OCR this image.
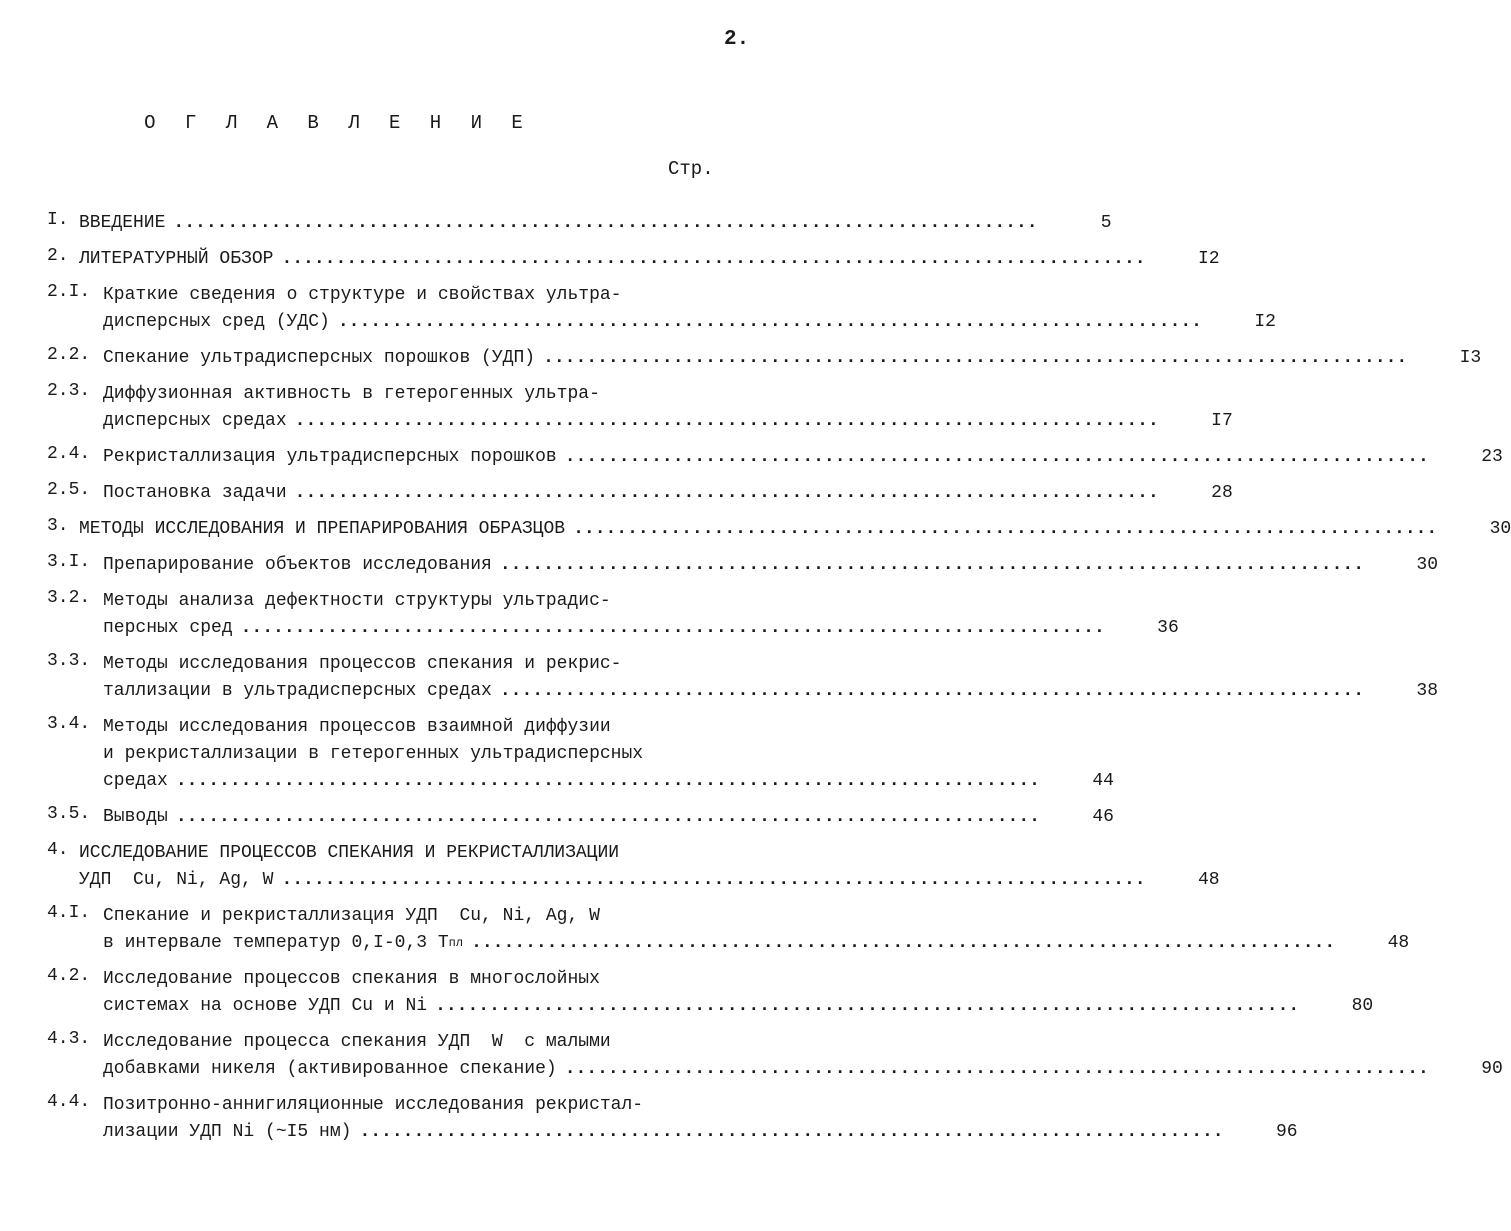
2.
О Г Л А В Л Е Н И Е
Стр.
I. ВВЕДЕНИЕ ................................................................................	5
2. ЛИТЕРАТУРНЫЙ ОБЗОР ................................................................................	I2
2.I. Краткие сведения о структуре и свойствах ультра-
дисперсных сред (УДС) ................................................................................	I2
2.2. Спекание ультрадисперсных порошков (УДП) ................................................................................	I3
2.3. Диффузионная активность в гетерогенных ультра-
дисперсных средах ................................................................................	I7
2.4. Рекристаллизация ультрадисперсных порошков ................................................................................	23
2.5. Постановка задачи ................................................................................	28
3. МЕТОДЫ ИССЛЕДОВАНИЯ И ПРЕПАРИРОВАНИЯ ОБРАЗЦОВ ................................................................................	30
3.I. Препарирование объектов исследования ................................................................................	30
3.2. Методы анализа дефектности структуры ультрадис-
персных сред ................................................................................	36
3.3. Методы исследования процессов спекания и рекрис-
таллизации в ультрадисперсных средах ................................................................................	38
3.4. Методы исследования процессов взаимной диффузии
и рекристаллизации в гетерогенных ультрадисперсных
средах ................................................................................	44
3.5. Выводы ................................................................................	46
4. ИССЛЕДОВАНИЕ ПРОЦЕССОВ СПЕКАНИЯ И РЕКРИСТАЛЛИЗАЦИИ
УДП  Cu, Ni, Ag, W ................................................................................	48
4.I. Спекание и рекристаллизация УДП  Cu, Ni, Ag, W
в интервале температур 0,I-0,3 T пл ................................................................................	48
4.2. Исследование процессов спекания в многослойных
системах на основе УДП Cu и Ni ................................................................................	80
4.3. Исследование процесса спекания УДП  W  с малыми
добавками никеля (активированное спекание) ................................................................................	90
4.4. Позитронно-аннигиляционные исследования рекристал-
лизации УДП Ni (~I5 нм) ................................................................................	96
